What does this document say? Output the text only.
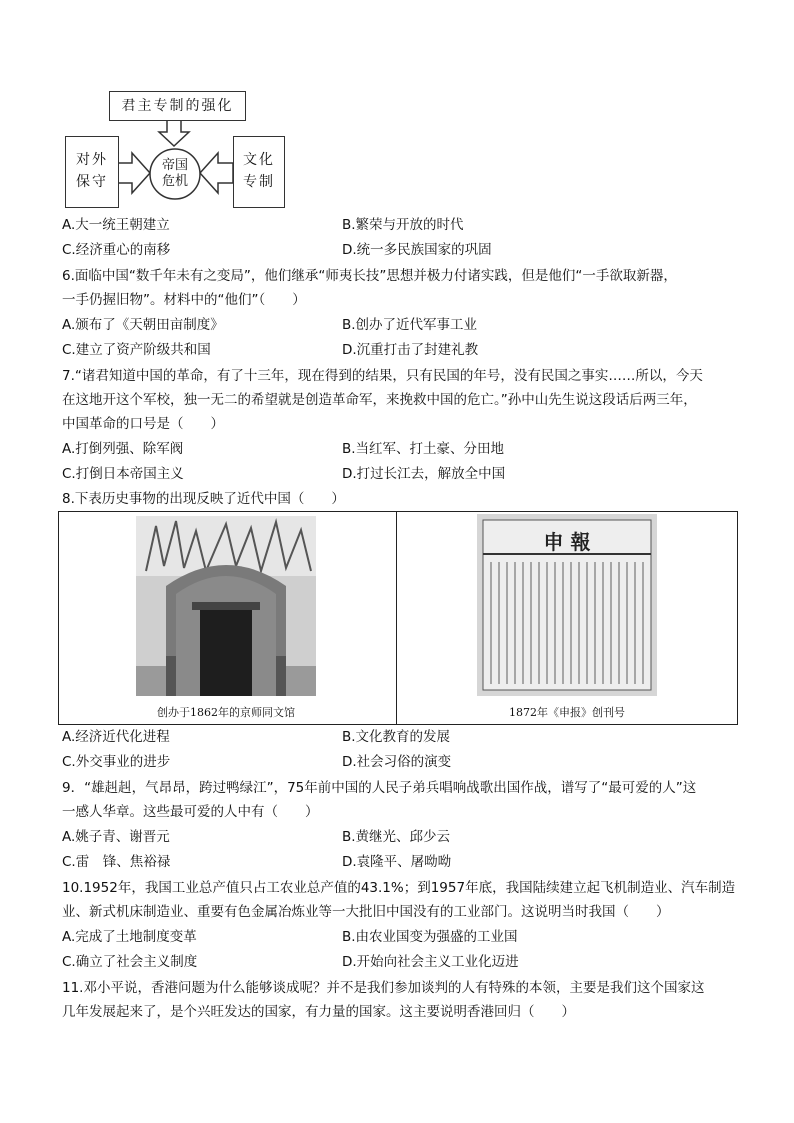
君主专制的强化
对外
保守
帝国
危机
文化
专制
A.大一统王朝建立	B.繁荣与开放的时代
C.经济重心的南移	D.统一多民族国家的巩固
6.面临中国“数千年未有之变局”，他们继承“师夷长技”思想并极力付诸实践，但是他们“一手欲取新器，
一手仍握旧物”。材料中的“他们”（　　）
A.颁布了《天朝田亩制度》	B.创办了近代军事工业
C.建立了资产阶级共和国	D.沉重打击了封建礼教
7.“诸君知道中国的革命，有了十三年，现在得到的结果，只有民国的年号，没有民国之事实……所以，今天
在这地开这个军校，独一无二的希望就是创造革命军，来挽救中国的危亡。”孙中山先生说这段话后两三年，
中国革命的口号是（　　）
A.打倒列强、除军阀	B.当红军、打土豪、分田地
C.打倒日本帝国主义	D.打过长江去，解放全中国
8.下表历史事物的出现反映了近代中国（　　）
创办于1862年的京师同文馆
申 報
1872年《申报》创刊号
A.经济近代化进程	B.文化教育的发展
C.外交事业的进步	D.社会习俗的演变
9．“雄赳赳，气昂昂，跨过鸭绿江”，75年前中国的人民子弟兵唱响战歌出国作战，谱写了“最可爱的人”这
一感人华章。这些最可爱的人中有（　　）
A.姚子青、谢晋元	B.黄继光、邱少云
C.雷　锋、焦裕禄	D.袁隆平、屠呦呦
10.1952年，我国工业总产值只占工农业总产值的43.1%；到1957年底，我国陆续建立起飞机制造业、汽车制造
业、新式机床制造业、重要有色金属冶炼业等一大批旧中国没有的工业部门。这说明当时我国（　　）
A.完成了土地制度变革	B.由农业国变为强盛的工业国
C.确立了社会主义制度	D.开始向社会主义工业化迈进
11.邓小平说，香港问题为什么能够谈成呢？并不是我们参加谈判的人有特殊的本领，主要是我们这个国家这
几年发展起来了，是个兴旺发达的国家，有力量的国家。这主要说明香港回归（　　）
